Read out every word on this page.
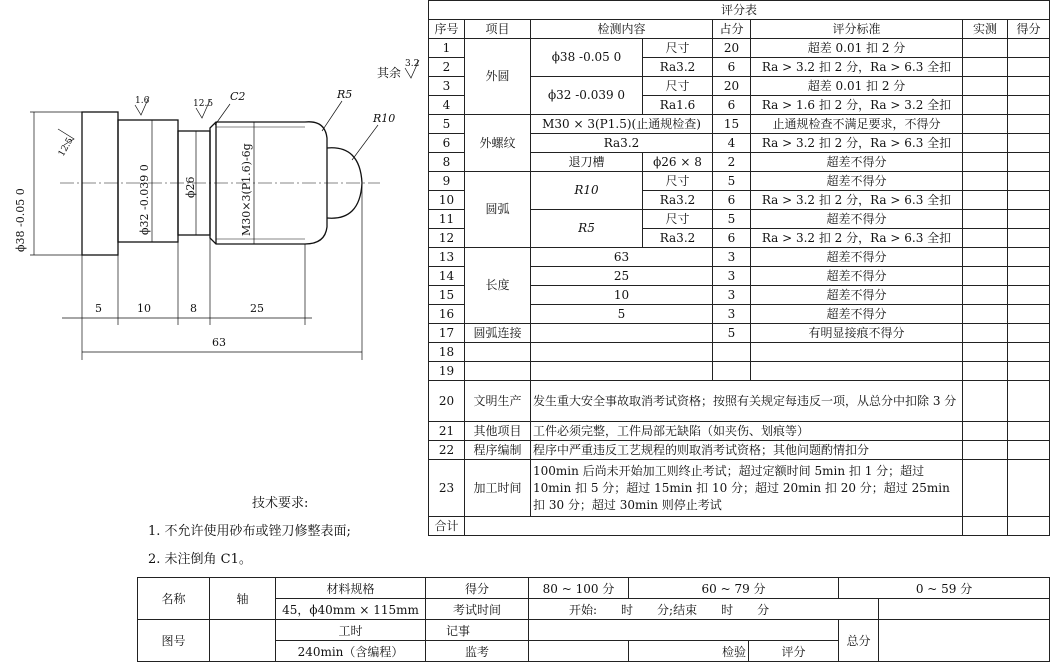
ϕ38 -0.05 0	ϕ32 -0.039 0	ϕ26	M30×3(P1.6)-6g
R5
R10
C2
5	10	8	25
63
1.6	12.5
12.5
其余
3.2
技术要求:
1. 不允许使用砂布或锉刀修整表面;
2. 未注倒角 C1。
评分表							
序号	项目	检测内容		占分	评分标准	实测	得分
1	外圆	ϕ38 -0.05 0	尺寸	20	超差 0.01 扣 2 分		
2			Ra3.2	6	Ra > 3.2 扣 2 分，Ra > 6.3 全扣		
3		ϕ32 -0.039 0	尺寸	20	超差 0.01 扣 2 分		
4			Ra1.6	6	Ra > 1.6 扣 2 分，Ra > 3.2 全扣		
5	外螺纹	M30 × 3(P1.5)(止通规检查)		15	止通规检查不满足要求，不得分		
6		Ra3.2		4	Ra > 3.2 扣 2 分，Ra > 6.3 全扣		
8		退刀槽	ϕ26 × 8	2	超差不得分		
9	圆弧	R10	尺寸	5	超差不得分		
10			Ra3.2	6	Ra > 3.2 扣 2 分，Ra > 6.3 全扣		
11		R5	尺寸	5	超差不得分		
12			Ra3.2	6	Ra > 3.2 扣 2 分，Ra > 6.3 全扣		
13	长度	63		3	超差不得分		
14		25		3	超差不得分		
15		10		3	超差不得分		
16		5		3	超差不得分		
17	圆弧连接			5	有明显接痕不得分		
18							
19							
20	文明生产	发生重大安全事故取消考试资格；按照有关规定每违反一项，从总分中扣除 3 分					
21	其他项目	工件必须完整，工件局部无缺陷（如夹伤、划痕等）					
22	程序编制	程序中严重违反工艺规程的则取消考试资格；其他问题酌情扣分					
23	加工时间	100min 后尚未开始加工则终止考试；超过定额时间 5min 扣 1 分；超过 10min 扣 5 分；超过 15min 扣 10 分；超过 20min 扣 20 分；超过 25min 扣 30 分；超过 30min 则停止考试					
合计							
名称	轴	材料规格	得分	80 ~ 100 分	60 ~ 79 分		0 ~ 59 分	
		45，ϕ40mm × 115mm	考试时间	开始:　　时　　分;结束　　时　　分				
图号		工时	记事				总分	
		240min（含编程）	监考		检验	评分		
